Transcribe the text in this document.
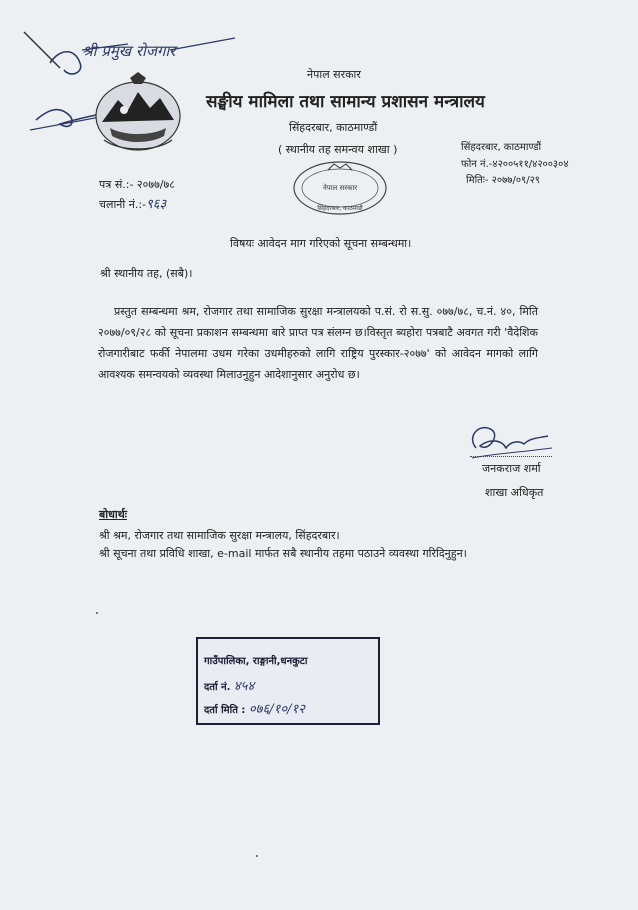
श्री प्रमुख रोजगार
नेपाल सरकार
सङ्घीय मामिला तथा सामान्य प्रशासन मन्त्रालय
सिंहदरबार, काठमाण्डौं
( स्थानीय तह समन्वय शाखा )	सिंहदरबार, काठमाण्डौं
फोन नं.-४२००५११/४२००३०४
मितिः- २०७७/०९/२९
पत्र सं.:- २०७७/७८
चलानी नं.:-९६३
नेपाल सरकार
सिंहदरबार, काठमाडौं
विषयः आवेदन माग गरिएको सूचना सम्बन्धमा।
श्री स्थानीय तह, (सबै)।
प्रस्तुत सम्बन्धमा श्रम, रोजगार तथा सामाजिक सुरक्षा मन्त्रालयको प.सं. रो स.सु. ०७७/७८, च.नं. ४०, मिति २०७७/०९/२८ को सूचना प्रकाशन सम्बन्धमा बारे प्राप्त पत्र संलग्न छ।विस्तृत ब्यहोरा पत्रबाटै अवगत गरी 'वैदेशिक रोजगारीबाट फर्की नेपालमा उधम गरेका उधमीहरुको लागि राष्ट्रिय पुरस्कार-२०७७' को आवेदन मागको लागि आवश्यक समन्वयको व्यवस्था मिलाउनुहुन आदेशानुसार अनुरोध छ।
जनकराज शर्मा
शाखा अधिकृत
बोधार्थः
श्री श्रम, रोजगार तथा सामाजिक सुरक्षा मन्त्रालय, सिंहदरबार।
श्री सूचना तथा प्रविधि शाखा, e-mail मार्फत सबै स्थानीय तहमा पठाउने व्यवस्था गरिदिनुहुन।
गाउँपालिका, राङ्गानी,धनकुटा
दर्ता नं. ४५४
दर्ता मिति : ०७६/१०/१२
